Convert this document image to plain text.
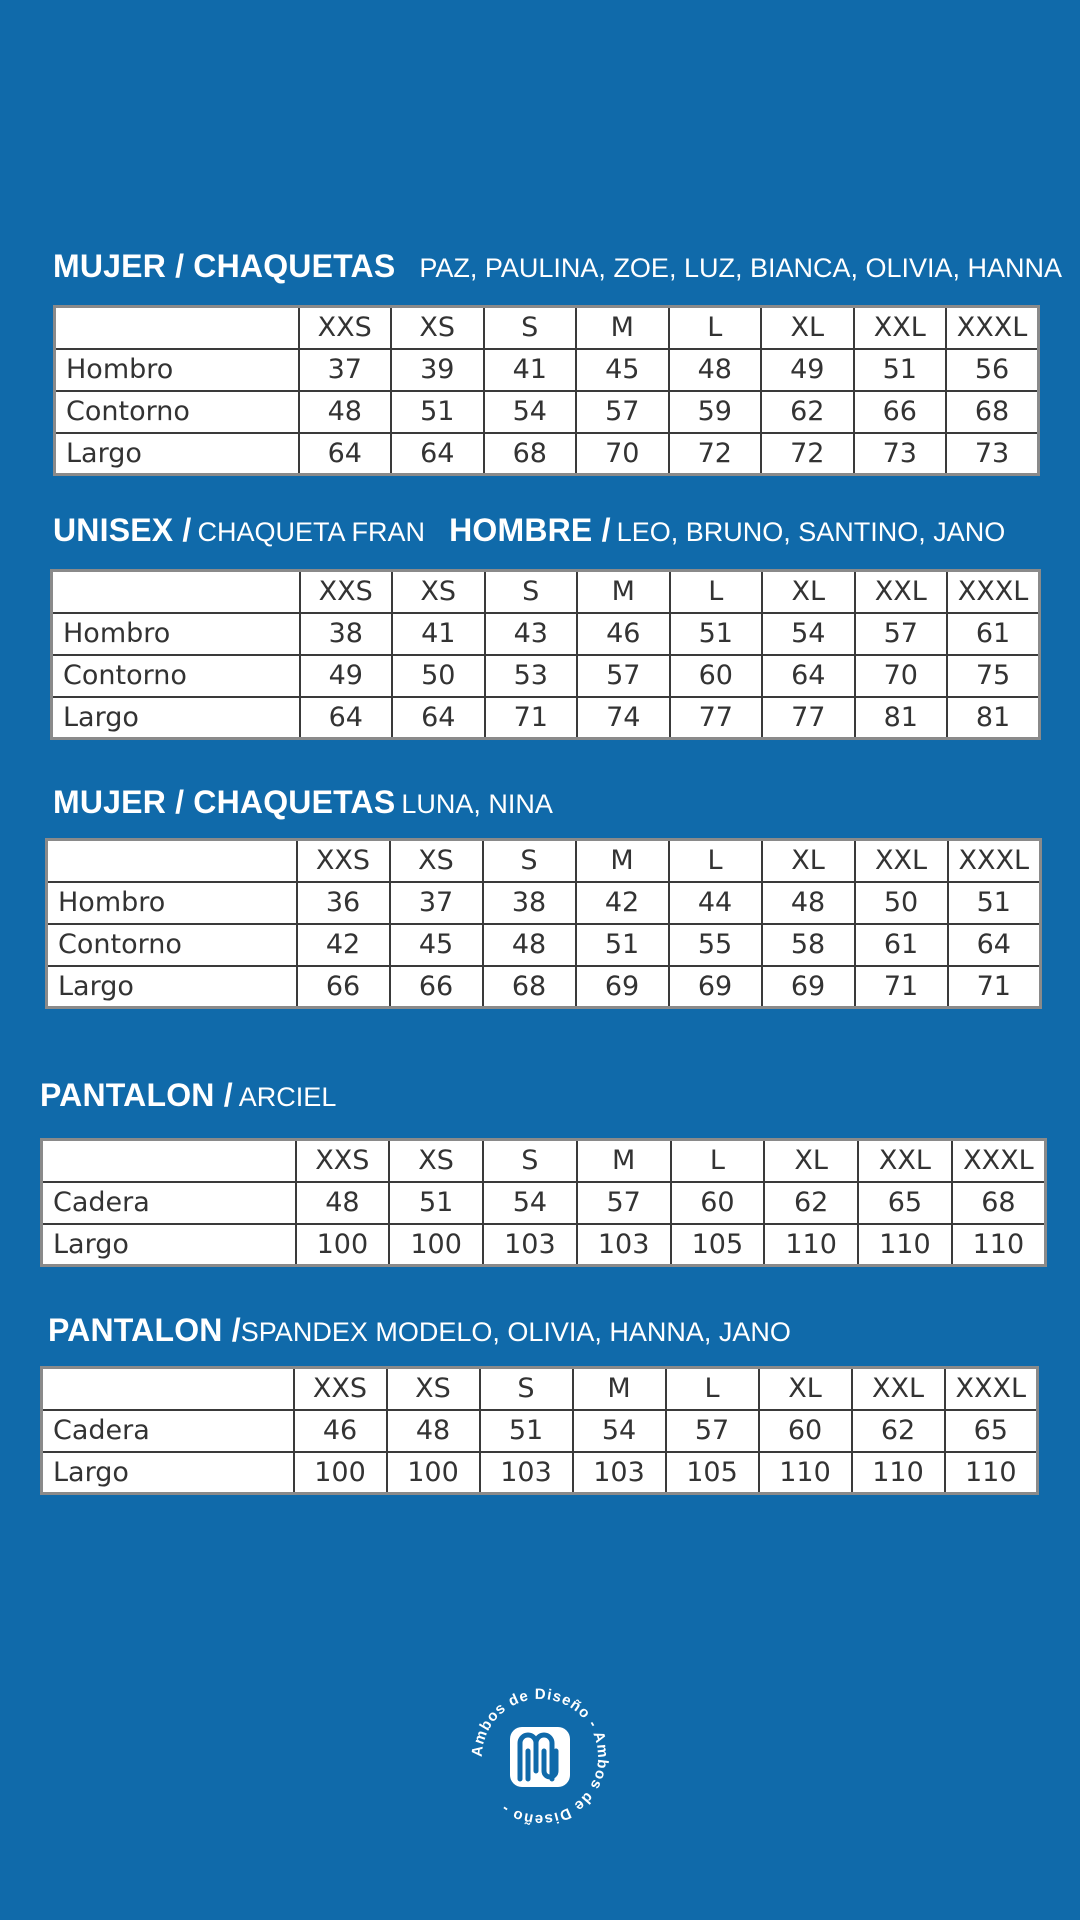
MUJER / CHAQUETAS PAZ, PAULINA, ZOE, LUZ, BIANCA, OLIVIA, HANNA
	XXS	XS	S	M	L	XL	XXL	XXXL
Hombro	37	39	41	45	48	49	51	56
Contorno	48	51	54	57	59	62	66	68
Largo	64	64	68	70	72	72	73	73
UNISEX / CHAQUETA FRAN HOMBRE / LEO, BRUNO, SANTINO, JANO
	XXS	XS	S	M	L	XL	XXL	XXXL
Hombro	38	41	43	46	51	54	57	61
Contorno	49	50	53	57	60	64	70	75
Largo	64	64	71	74	77	77	81	81
MUJER / CHAQUETAS LUNA, NINA
	XXS	XS	S	M	L	XL	XXL	XXXL
Hombro	36	37	38	42	44	48	50	51
Contorno	42	45	48	51	55	58	61	64
Largo	66	66	68	69	69	69	71	71
PANTALON / ARCIEL
	XXS	XS	S	M	L	XL	XXL	XXXL
Cadera	48	51	54	57	60	62	65	68
Largo	100	100	103	103	105	110	110	110
PANTALON / SPANDEX MODELO, OLIVIA, HANNA, JANO
	XXS	XS	S	M	L	XL	XXL	XXXL
Cadera	46	48	51	54	57	60	62	65
Largo	100	100	103	103	105	110	110	110
Ambos de Diseño - Ambos de Diseño -
